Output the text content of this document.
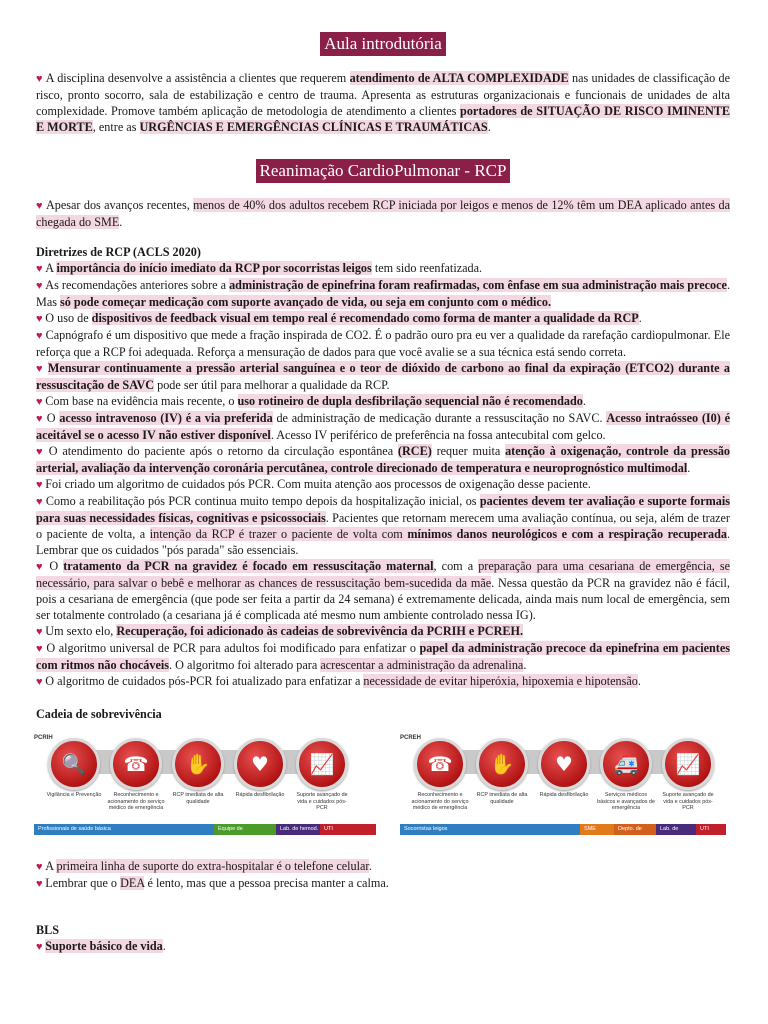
Aula introdutória

♥ A disciplina desenvolve a assistência a clientes que requerem atendimento de ALTA COMPLEXIDADE nas unidades de classificação de risco, pronto socorro, sala de estabilização e centro de trauma. Apresenta as estruturas organizacionais e funcionais de unidades de alta complexidade. Promove também aplicação de metodologia de atendimento a clientes portadores de SITUAÇÃO DE RISCO IMINENTE E MORTE, entre as URGÊNCIAS E EMERGÊNCIAS CLÍNICAS E TRAUMÁTICAS.

Reanimação CardioPulmonar - RCP

♥ Apesar dos avanços recentes, menos de 40% dos adultos recebem RCP iniciada por leigos e menos de 12% têm um DEA aplicado antes da chegada do SME.

Diretrizes de RCP (ACLS 2020)

♥ A importância do início imediato da RCP por socorristas leigos tem sido reenfatizada.

♥ As recomendações anteriores sobre a administração de epinefrina foram reafirmadas, com ênfase em sua administração mais precoce. Mas só pode começar medicação com suporte avançado de vida, ou seja em conjunto com o médico.

♥ O uso de dispositivos de feedback visual em tempo real é recomendado como forma de manter a qualidade da RCP.

♥ Capnógrafo é um dispositivo que mede a fração inspirada de CO2. É o padrão ouro pra eu ver a qualidade da rarefação cardiopulmonar. Ele reforça que a RCP foi adequada. Reforça a mensuração de dados para que você avalie se a sua técnica está sendo correta.

♥ Mensurar continuamente a pressão arterial sanguínea e o teor de dióxido de carbono ao final da expiração (ETCO2) durante a ressuscitação de SAVC pode ser útil para melhorar a qualidade da RCP.

♥ Com base na evidência mais recente, o uso rotineiro de dupla desfibrilação sequencial não é recomendado.

♥ O acesso intravenoso (IV) é a via preferida de administração de medicação durante a ressuscitação no SAVC. Acesso intraósseo (I0) é aceitável se o acesso IV não estiver disponível. Acesso IV periférico de preferência na fossa antecubital com gelco.

♥ O atendimento do paciente após o retorno da circulação espontânea (RCE) requer muita atenção à oxigenação, controle da pressão arterial, avaliação da intervenção coronária percutânea, controle direcionado de temperatura e neuroprognóstico multimodal.

♥ Foi criado um algoritmo de cuidados pós PCR. Com muita atenção aos processos de oxigenação desse paciente.

♥ Como a reabilitação pós PCR continua muito tempo depois da hospitalização inicial, os pacientes devem ter avaliação e suporte formais para suas necessidades físicas, cognitivas e psicossociais. Pacientes que retornam merecem uma avaliação contínua, ou seja, além de trazer o paciente de volta, a intenção da RCP é trazer o paciente de volta com mínimos danos neurológicos e com a respiração recuperada. Lembrar que os cuidados "pós parada" são essenciais.

♥ O tratamento da PCR na gravidez é focado em ressuscitação maternal, com a preparação para uma cesariana de emergência, se necessário, para salvar o bebê e melhorar as chances de ressuscitação bem-sucedida da mãe. Nessa questão da PCR na gravidez não é fácil, pois a cesariana de emergência (que pode ser feita a partir da 24 semana) é extremamente delicada, ainda mais num local de emergência, sem ser totalmente controlado (a cesariana já é complicada até mesmo num ambiente controlado nessa IG).

♥ Um sexto elo, Recuperação, foi adicionado às cadeias de sobrevivência da PCRIH e PCREH.

♥ O algoritmo universal de PCR para adultos foi modificado para enfatizar o papel da administração precoce da epinefrina em pacientes com ritmos não chocáveis. O algoritmo foi alterado para acrescentar a administração da adrenalina.

♥ O algoritmo de cuidados pós-PCR foi atualizado para enfatizar a necessidade de evitar hiperóxia, hipoxemia e hipotensão.

Cadeia de sobrevivência
PCRIH
🔍
Vigilância e Prevenção
☎
Reconhecimento e acionamento do serviço médico de emergência
✋
RCP imediata de alta qualidade
♥
Rápida desfibrilação
📈
Suporte avançado de vida e cuidados pós-PCR
Profissionais de saúde básica	Equipe de ressuscitação
Lab. de hemod.	UTI
PCREH
☎
Reconhecimento e acionamento do serviço médico de emergência
✋
RCP imediata de alta qualidade
♥
Rápida desfibrilação
🚑
Serviços médicos básicos e avançados de emergência
📈
Suporte avançado de vida e cuidados pós-PCR
Socorristas leigos	SME	Depto. de Emergência
Lab. de hemod.
UTI

♥ A primeira linha de suporte do extra-hospitalar é o telefone celular.

♥ Lembrar que o DEA é lento, mas que a pessoa precisa manter a calma.

BLS

♥ Suporte básico de vida.
